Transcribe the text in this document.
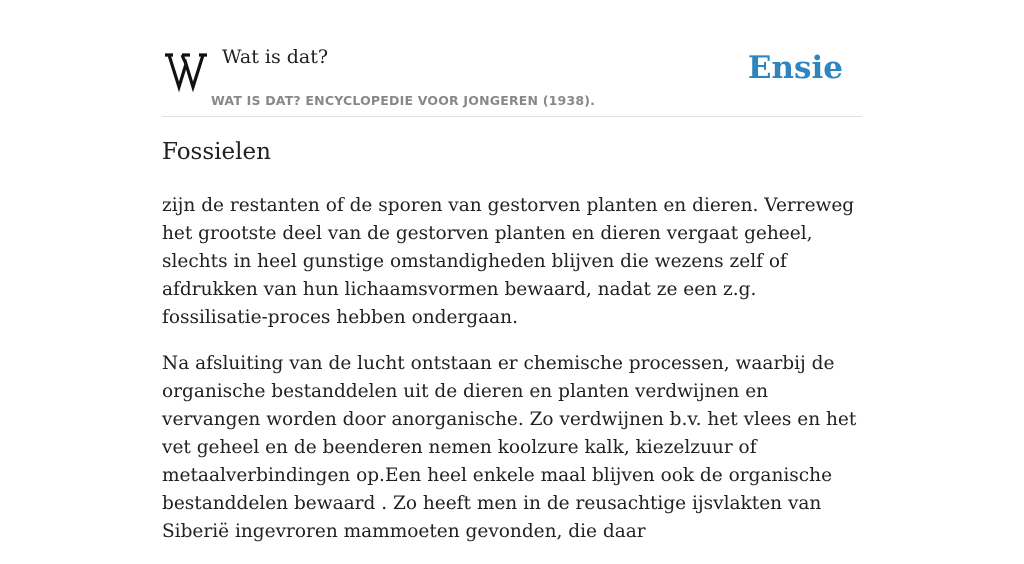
Wat is dat?
WAT IS DAT? ENCYCLOPEDIE VOOR JONGEREN (1938).
Ensie
Fossielen

zijn de restanten of de sporen van gestorven planten en dieren. Verreweg het grootste deel van de gestorven planten en dieren vergaat geheel, slechts in heel gunstige omstandigheden blijven die wezens zelf of afdrukken van hun lichaamsvormen bewaard, nadat ze een z.g. fossilisatie-proces hebben ondergaan.

Na afsluiting van de lucht ontstaan er chemische processen, waarbij de organische bestanddelen uit de dieren en planten verdwijnen en vervangen worden door anorganische. Zo verdwijnen b.v. het vlees en het vet geheel en de beenderen nemen koolzure kalk, kiezelzuur of metaalverbindingen op.Een heel enkele maal blijven ook de organische bestanddelen bewaard . Zo heeft men in de reusachtige ijsvlakten van Siberië ingevroren mammoeten gevonden, die daar
